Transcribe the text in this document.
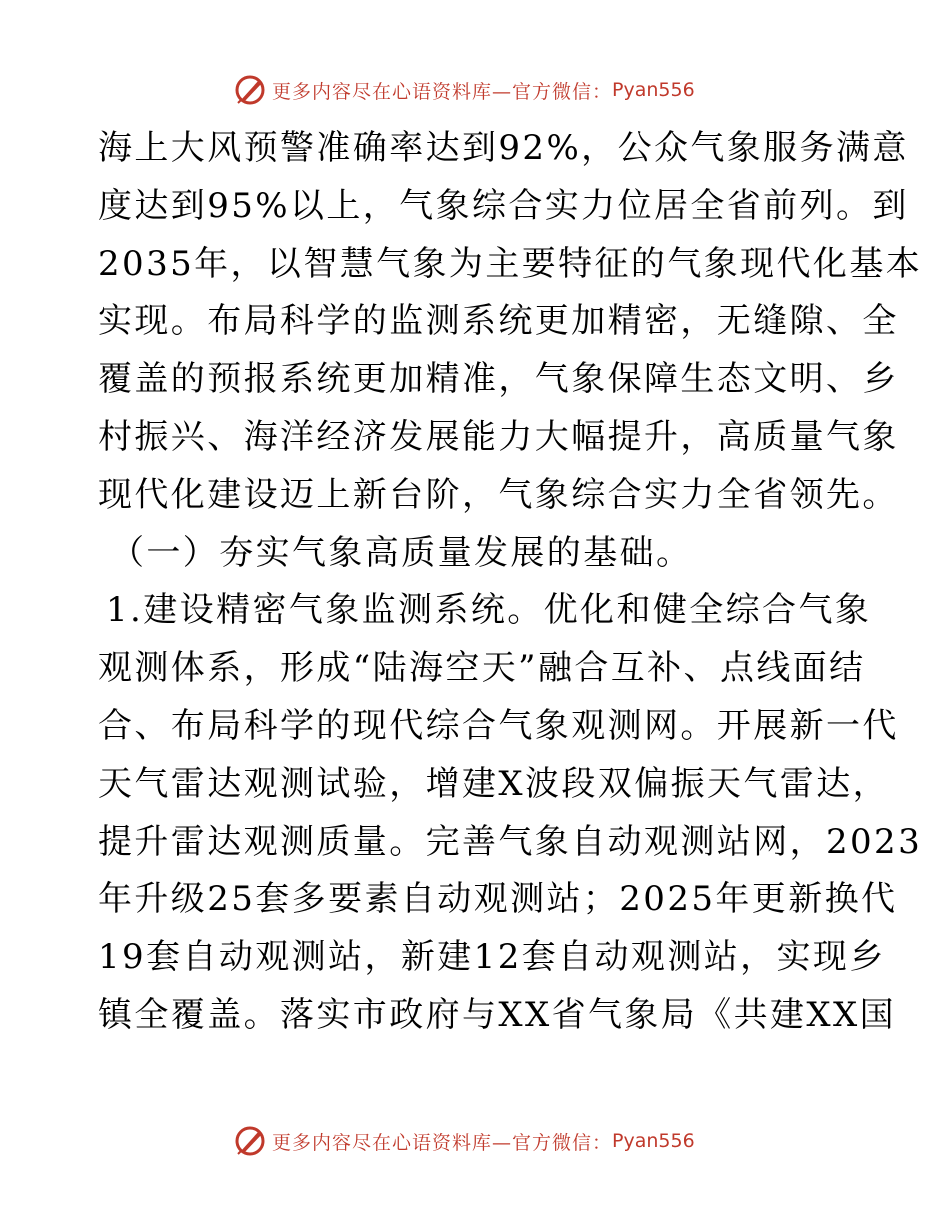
更多内容尽在心语资料库—官方微信： Pyan556
海上大风预警准确率达到92%，公众气象服务满意
度达到95%以上，气象综合实力位居全省前列。到
2035年，以智慧气象为主要特征的气象现代化基本
实现。布局科学的监测系统更加精密，无缝隙、全
覆盖的预报系统更加精准，气象保障生态文明、乡
村振兴、海洋经济发展能力大幅提升，高质量气象
现代化建设迈上新台阶，气象综合实力全省领先。
（一）夯实气象高质量发展的基础。
1.建设精密气象监测系统。优化和健全综合气象
观测体系，形成“陆海空天”融合互补、点线面结
合、布局科学的现代综合气象观测网。开展新一代
天气雷达观测试验，增建X波段双偏振天气雷达，
提升雷达观测质量。完善气象自动观测站网，2023
年升级25套多要素自动观测站；2025年更新换代
19套自动观测站，新建12套自动观测站，实现乡
镇全覆盖。落实市政府与XX省气象局《共建XX国
更多内容尽在心语资料库—官方微信： Pyan556
